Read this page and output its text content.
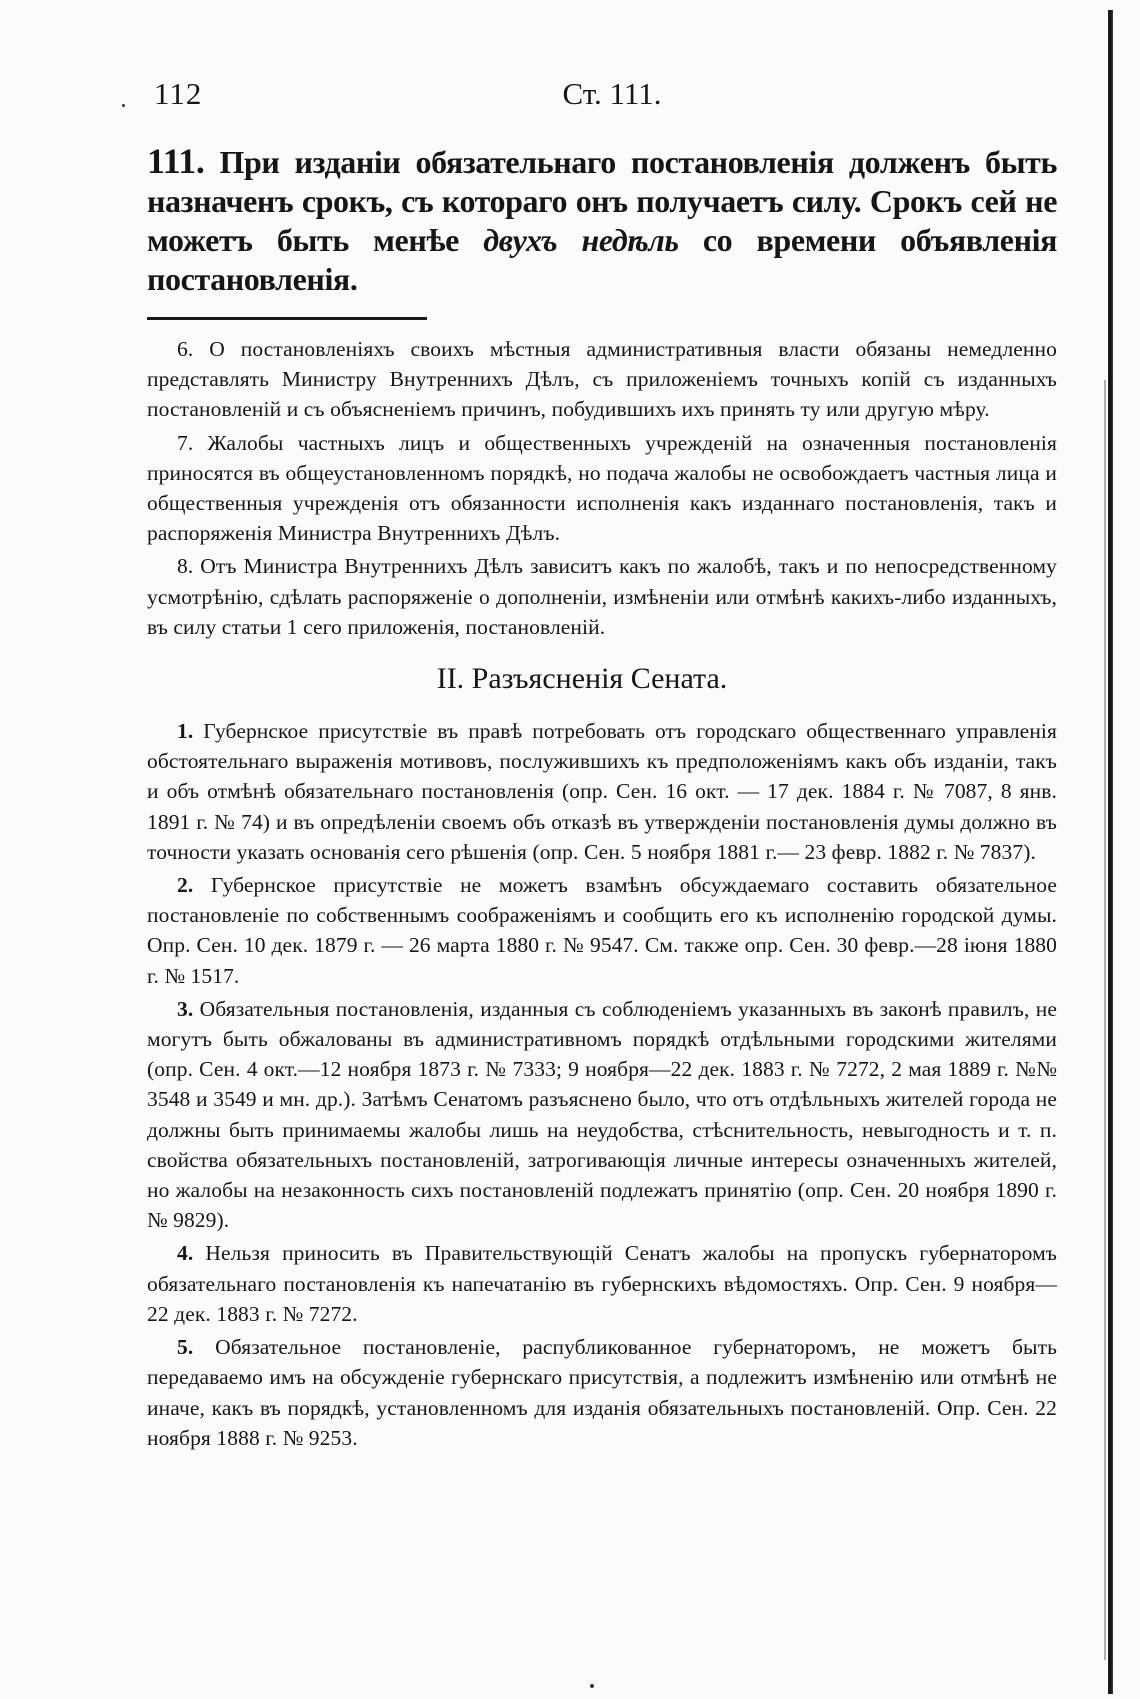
112	Ст. 111.
111. При изданіи обязательнаго постановленія долженъ быть назначенъ срокъ, съ котораго онъ получаетъ силу. Срокъ сей не можетъ быть менѣе двухъ недѣль со времени объявленія постановленія.

6. О постановленіяхъ своихъ мѣстныя административныя власти обязаны немедленно представлять Министру Внутреннихъ Дѣлъ, съ приложеніемъ точныхъ копій съ изданныхъ постановленій и съ объясненіемъ причинъ, побудившихъ ихъ принять ту или другую мѣру.

7. Жалобы частныхъ лицъ и общественныхъ учрежденій на означенныя постановленія приносятся въ общеустановленномъ порядкѣ, но подача жалобы не освобождаетъ частныя лица и общественныя учрежденія отъ обязанности исполненія какъ изданнаго постановленія, такъ и распоряженія Министра Внутреннихъ Дѣлъ.

8. Отъ Министра Внутреннихъ Дѣлъ зависитъ какъ по жалобѣ, такъ и по непосредственному усмотрѣнію, сдѣлать распоряженіе о дополненіи, измѣненіи или отмѣнѣ какихъ-либо изданныхъ, въ силу статьи 1 сего приложенія, постановленій.

II. Разъясненія Сената.

1. Губернское присутствіе въ правѣ потребовать отъ городскаго общественнаго управленія обстоятельнаго выраженія мотивовъ, послужившихъ къ предположеніямъ какъ объ изданіи, такъ и объ отмѣнѣ обязательнаго постановленія (опр. Сен. 16 окт. — 17 дек. 1884 г. № 7087, 8 янв. 1891 г. № 74) и въ опредѣленіи своемъ объ отказѣ въ утвержденіи постановленія думы должно въ точности указать основанія сего рѣшенія (опр. Сен. 5 ноября 1881 г.— 23 февр. 1882 г. № 7837).

2. Губернское присутствіе не можетъ взамѣнъ обсуждаемаго составить обязательное постановленіе по собственнымъ соображеніямъ и сообщить его къ исполненію городской думы. Опр. Сен. 10 дек. 1879 г. — 26 марта 1880 г. № 9547. См. также опр. Сен. 30 февр.—28 іюня 1880 г. № 1517.

3. Обязательныя постановленія, изданныя съ соблюденіемъ указанныхъ въ законѣ правилъ, не могутъ быть обжалованы въ административномъ порядкѣ отдѣльными городскими жителями (опр. Сен. 4 окт.—12 ноября 1873 г. № 7333; 9 ноября—22 дек. 1883 г. № 7272, 2 мая 1889 г. №№ 3548 и 3549 и мн. др.). Затѣмъ Сенатомъ разъяснено было, что отъ отдѣльныхъ жителей города не должны быть принимаемы жалобы лишь на неудобства, стѣснительность, невыгодность и т. п. свойства обязательныхъ постановленій, затрогивающія личные интересы означенныхъ жителей, но жалобы на незаконность сихъ постановленій подлежатъ принятію (опр. Сен. 20 ноября 1890 г. № 9829).

4. Нельзя приносить въ Правительствующій Сенатъ жалобы на пропускъ губернаторомъ обязательнаго постановленія къ напечатанію въ губернскихъ вѣдомостяхъ. Опр. Сен. 9 ноября—22 дек. 1883 г. № 7272.

5. Обязательное постановленіе, распубликованное губернаторомъ, не можетъ быть передаваемо имъ на обсужденіе губернскаго присутствія, а подлежитъ измѣненію или отмѣнѣ не иначе, какъ въ порядкѣ, установленномъ для изданія обязательныхъ постановленій. Опр. Сен. 22 ноября 1888 г. № 9253.
